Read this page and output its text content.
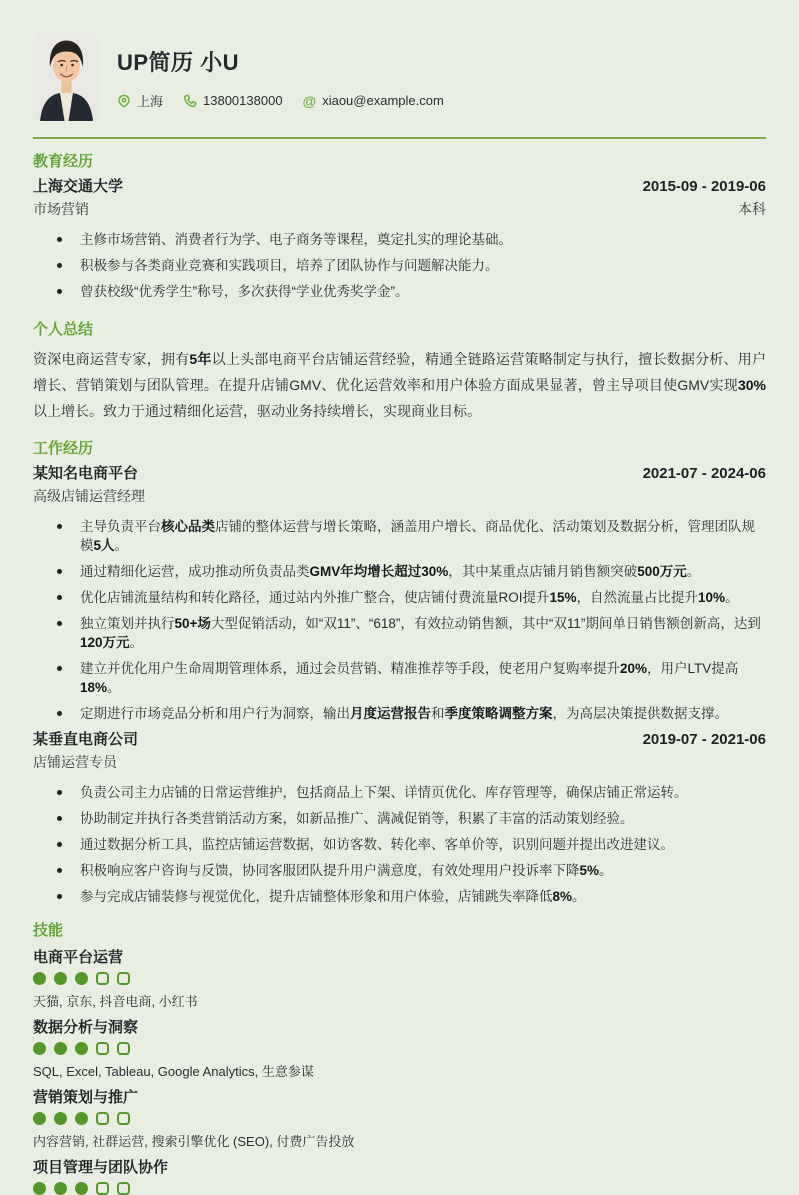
UP简历 小U
上海	13800138000 @ xiaou@example.com
教育经历
上海交通大学	2015-09 - 2019-06
市场营销	本科
主修市场营销、消费者行为学、电子商务等课程，奠定扎实的理论基础。
积极参与各类商业竞赛和实践项目，培养了团队协作与问题解决能力。
曾获校级“优秀学生”称号，多次获得“学业优秀奖学金”。
个人总结

资深电商运营专家，拥有5年以上头部电商平台店铺运营经验，精通全链路运营策略制定与执行，擅长数据分析、用户增长、营销策划与团队管理。在提升店铺GMV、优化运营效率和用户体验方面成果显著，曾主导项目使GMV实现30%以上增长。致力于通过精细化运营，驱动业务持续增长，实现商业目标。

工作经历
某知名电商平台	2021-07 - 2024-06
高级店铺运营经理
主导负责平台核心品类店铺的整体运营与增长策略，涵盖用户增长、商品优化、活动策划及数据分析，管理团队规模5人。
通过精细化运营，成功推动所负责品类GMV年均增长超过30%，其中某重点店铺月销售额突破500万元。
优化店铺流量结构和转化路径，通过站内外推广整合，使店铺付费流量ROI提升15%，自然流量占比提升10%。
独立策划并执行50+场大型促销活动，如“双11”、“618”，有效拉动销售额，其中“双11”期间单日销售额创新高，达到120万元。
建立并优化用户生命周期管理体系，通过会员营销、精准推荐等手段，使老用户复购率提升20%，用户LTV提高18%。
定期进行市场竞品分析和用户行为洞察，输出月度运营报告和季度策略调整方案，为高层决策提供数据支撑。
某垂直电商公司	2019-07 - 2021-06
店铺运营专员
负责公司主力店铺的日常运营维护，包括商品上下架、详情页优化、库存管理等，确保店铺正常运转。
协助制定并执行各类营销活动方案，如新品推广、满减促销等，积累了丰富的活动策划经验。
通过数据分析工具，监控店铺运营数据，如访客数、转化率、客单价等，识别问题并提出改进建议。
积极响应客户咨询与反馈，协同客服团队提升用户满意度，有效处理用户投诉率下降5%。
参与完成店铺装修与视觉优化，提升店铺整体形象和用户体验，店铺跳失率降低8%。
技能
电商平台运营
天猫, 京东, 抖音电商, 小红书
数据分析与洞察
SQL, Excel, Tableau, Google Analytics, 生意参谋
营销策划与推广
内容营销, 社群运营, 搜索引擎优化 (SEO), 付费广告投放
项目管理与团队协作
